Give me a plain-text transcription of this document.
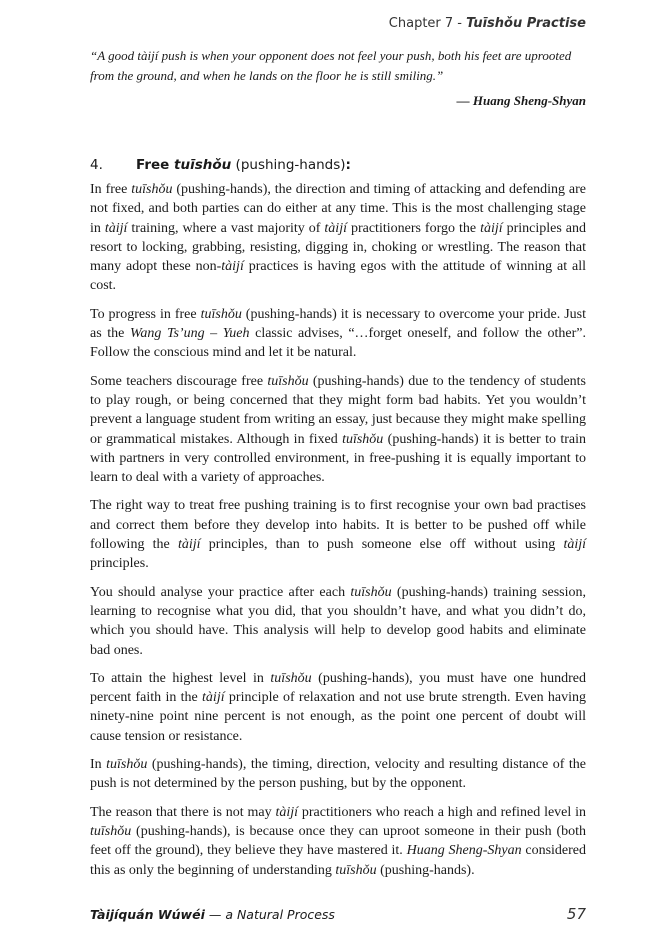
Chapter 7 - Tuīshǒu Practise
“A good tàijí push is when your opponent does not feel your push, both his feet are uprooted from the ground, and when he lands on the floor he is still smiling.”
— Huang Sheng-Shyan
4. Free tuīshǒu (pushing-hands):

In free tuīshǒu (pushing-hands), the direction and timing of attacking and defending are not fixed, and both parties can do either at any time. This is the most challenging stage in tàijí training, where a vast majority of tàijí practitioners forgo the tàijí principles and resort to locking, grabbing, resisting, digging in, choking or wrestling. The reason that many adopt these non-tàijí practices is having egos with the attitude of winning at all cost.

To progress in free tuīshǒu (pushing-hands) it is necessary to overcome your pride. Just as the Wang Ts’ung – Yueh classic advises, “…forget oneself, and follow the other”. Follow the conscious mind and let it be natural.

Some teachers discourage free tuīshǒu (pushing-hands) due to the tendency of students to play rough, or being concerned that they might form bad habits. Yet you wouldn’t prevent a language student from writing an essay, just because they might make spelling or grammatical mistakes. Although in fixed tuīshǒu (pushing-hands) it is better to train with partners in very controlled environment, in free-pushing it is equally important to learn to deal with a variety of approaches.

The right way to treat free pushing training is to first recognise your own bad practises and correct them before they develop into habits. It is better to be pushed off while following the tàijí principles, than to push someone else off without using tàijí principles.

You should analyse your practice after each tuīshǒu (pushing-hands) training session, learning to recognise what you did, that you shouldn’t have, and what you didn’t do, which you should have. This analysis will help to develop good habits and eliminate bad ones.

To attain the highest level in tuīshǒu (pushing-hands), you must have one hundred percent faith in the tàijí principle of relaxation and not use brute strength. Even having ninety-nine point nine percent is not enough, as the point one percent of doubt will cause tension or resistance.

In tuīshǒu (pushing-hands), the timing, direction, velocity and resulting distance of the push is not determined by the person pushing, but by the opponent.

The reason that there is not may tàijí practitioners who reach a high and refined level in tuīshǒu (pushing-hands), is because once they can uproot someone in their push (both feet off the ground), they believe they have mastered it. Huang Sheng-Shyan considered this as only the beginning of understanding tuīshǒu (pushing-hands).

Tàijíquán Wúwéi — a Natural Process	57
